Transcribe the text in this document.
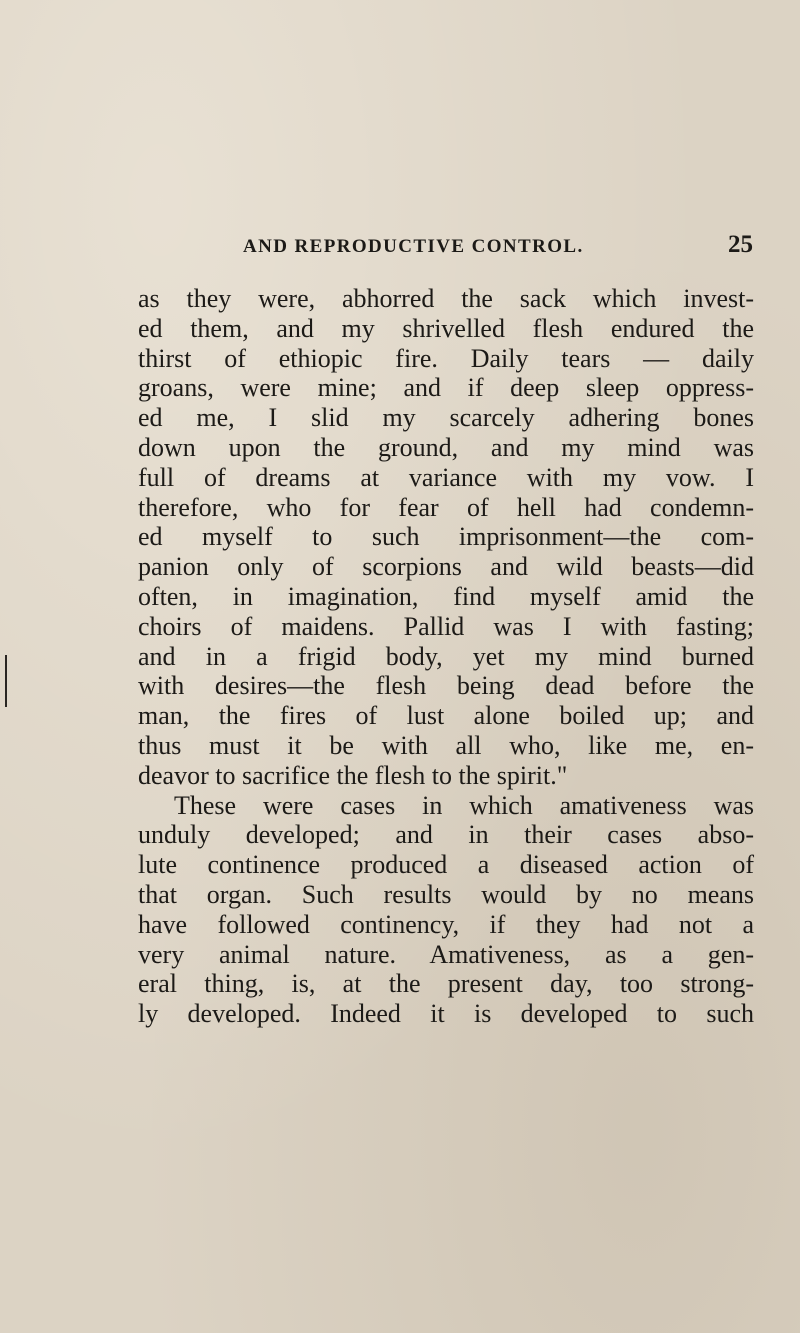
AND REPRODUCTIVE CONTROL.	25
as they were, abhorred the sack which invest-
ed them, and my shrivelled flesh endured the
thirst of ethiopic fire. Daily tears — daily
groans, were mine; and if deep sleep oppress-
ed me, I slid my scarcely adhering bones
down upon the ground, and my mind was
full of dreams at variance with my vow. I
therefore, who for fear of hell had condemn-
ed myself to such imprisonment—the com-
panion only of scorpions and wild beasts—did
often, in imagination, find myself amid the
choirs of maidens. Pallid was I with fasting;
and in a frigid body, yet my mind burned
with desires—the flesh being dead before the
man, the fires of lust alone boiled up; and
thus must it be with all who, like me, en-
deavor to sacrifice the flesh to the spirit."
These were cases in which amativeness was
unduly developed; and in their cases abso-
lute continence produced a diseased action of
that organ. Such results would by no means
have followed continency, if they had not a
very animal nature. Amativeness, as a gen-
eral thing, is, at the present day, too strong-
ly developed. Indeed it is developed to such
